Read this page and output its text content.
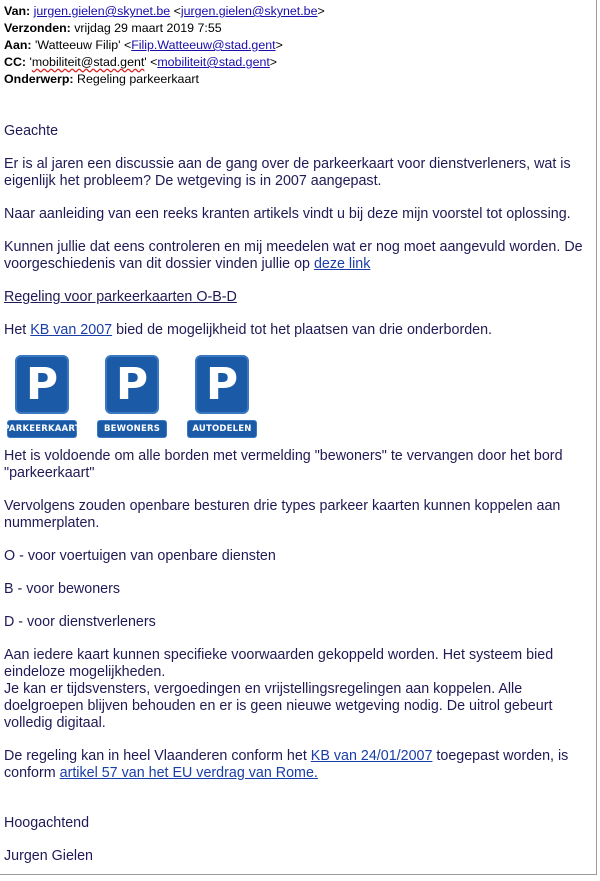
Van: jurgen.gielen@skynet.be <jurgen.gielen@skynet.be>
Verzonden: vrijdag 29 maart 2019 7:55
Aan: 'Watteeuw Filip' <Filip.Watteeuw@stad.gent>
CC: 'mobiliteit@stad.gent' <mobiliteit@stad.gent>
Onderwerp: Regeling parkeerkaart

Geachte

Er is al jaren een discussie aan de gang over de parkeerkaart voor dienstverleners, wat is eigenlijk het probleem? De wetgeving is in 2007 aangepast.

Naar aanleiding van een reeks kranten artikels vindt u bij deze mijn voorstel tot oplossing.

Kunnen jullie dat eens controleren en mij meedelen wat er nog moet aangevuld worden. De voorgeschiedenis van dit dossier vinden jullie op deze link

Regeling voor parkeerkaarten O-B-D

Het KB van 2007 bied de mogelijkheid tot het plaatsen van drie onderborden.

P
PARKEERKAART
P
BEWONERS
P
AUTODELEN

Het is voldoende om alle borden met vermelding "bewoners" te vervangen door het bord "parkeerkaart"

Vervolgens zouden openbare besturen drie types parkeer kaarten kunnen koppelen aan nummerplaten.

O - voor voertuigen van openbare diensten

B - voor bewoners

D - voor dienstverleners

Aan iedere kaart kunnen specifieke voorwaarden gekoppeld worden. Het systeem bied eindeloze mogelijkheden.
Je kan er tijdsvensters, vergoedingen en vrijstellingsregelingen aan koppelen. Alle doelgroepen blijven behouden en er is geen nieuwe wetgeving nodig. De uitrol gebeurt volledig digitaal.

De regeling kan in heel Vlaanderen conform het KB van 24/01/2007 toegepast worden, is conform artikel 57 van het EU verdrag van Rome.

Hoogachtend

Jurgen Gielen
